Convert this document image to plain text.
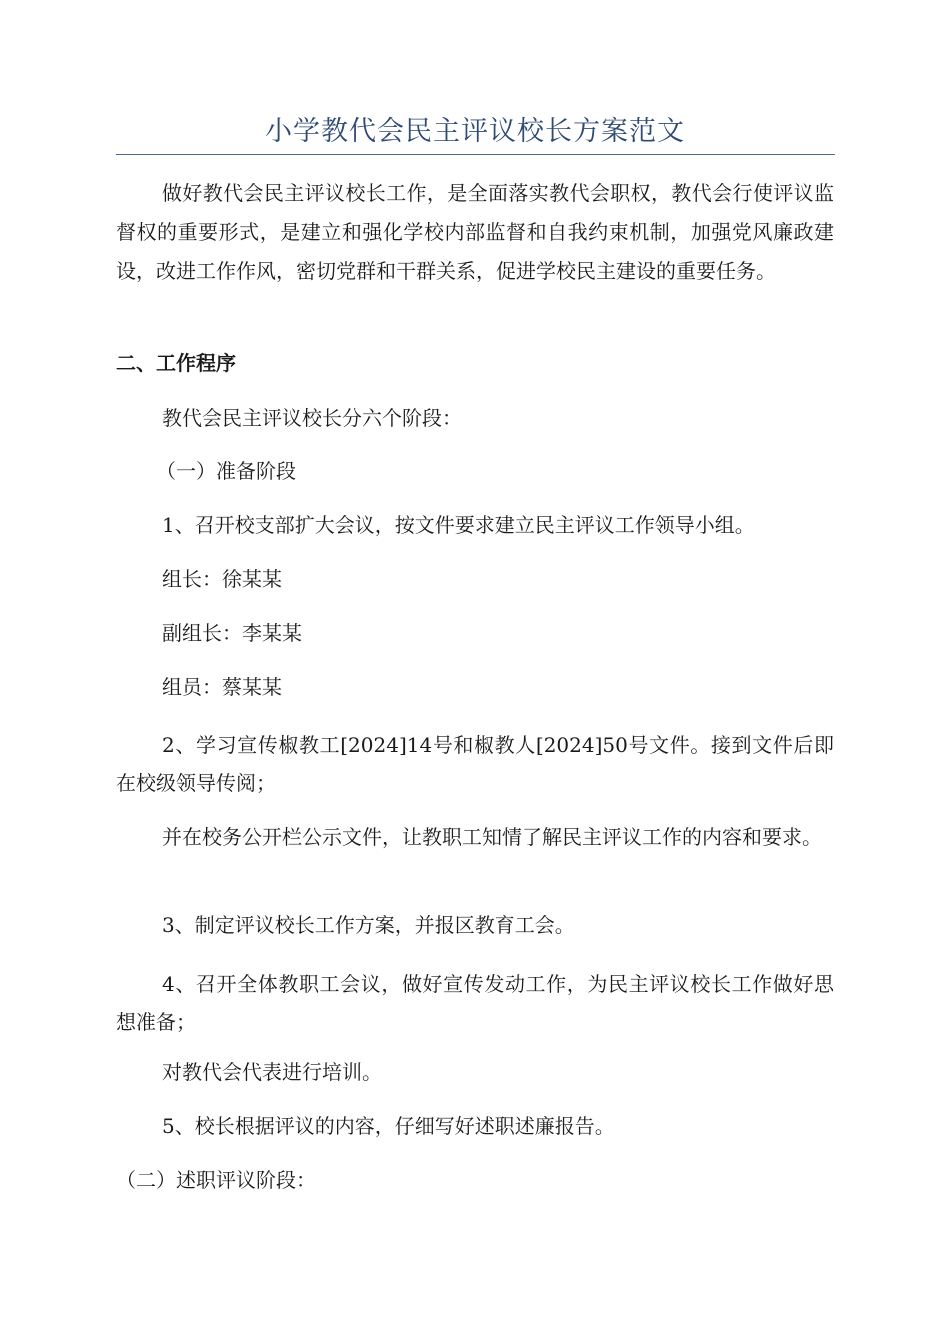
小学教代会民主评议校长方案范文
做好教代会民主评议校长工作，是全面落实教代会职权，教代会行使评议监督权的重要形式，是建立和强化学校内部监督和自我约束机制，加强党风廉政建设，改进工作作风，密切党群和干群关系，促进学校民主建设的重要任务。
二、工作程序
教代会民主评议校长分六个阶段：
（一）准备阶段
1、召开校支部扩大会议，按文件要求建立民主评议工作领导小组。
组长：徐某某
副组长：李某某
组员：蔡某某
2、学习宣传椒教工[2024]14号和椒教人[2024]50号文件。接到文件后即在校级领导传阅；
并在校务公开栏公示文件，让教职工知情了解民主评议工作的内容和要求。
3、制定评议校长工作方案，并报区教育工会。
4、召开全体教职工会议，做好宣传发动工作，为民主评议校长工作做好思想准备；
对教代会代表进行培训。
5、校长根据评议的内容，仔细写好述职述廉报告。
（二）述职评议阶段：
